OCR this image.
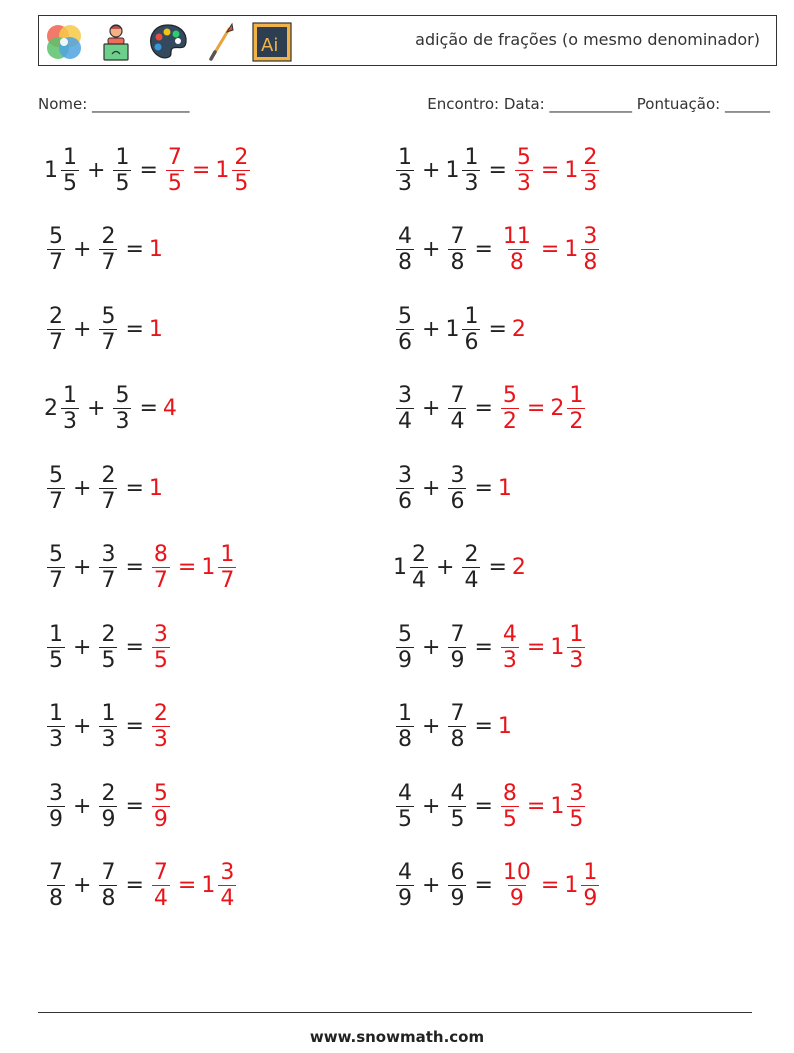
Ai	adição de frações (o mesmo denominador)
Nome: _____________	Encontro: Data: ___________ Pontuação: ______
$1 \frac{1}{5} + \frac{1}{5} = \frac{7}{5} = 1 \frac{2}{5}$
$\frac{5}{7} + \frac{2}{7} = 1$
$\frac{2}{7} + \frac{5}{7} = 1$
$2 \frac{1}{3} + \frac{5}{3} = 4$
$\frac{5}{7} + \frac{2}{7} = 1$
$\frac{5}{7} + \frac{3}{7} = \frac{8}{7} = 1 \frac{1}{7}$
$\frac{1}{5} + \frac{2}{5} = \frac{3}{5}$
$\frac{1}{3} + \frac{1}{3} = \frac{2}{3}$
$\frac{3}{9} + \frac{2}{9} = \frac{5}{9}$
$\frac{7}{8} + \frac{7}{8} = \frac{7}{4} = 1 \frac{3}{4}$
$\frac{1}{3} + 1 \frac{1}{3} = \frac{5}{3} = 1 \frac{2}{3}$
$\frac{4}{8} + \frac{7}{8} = \frac{11}{8} = 1 \frac{3}{8}$
$\frac{5}{6} + 1 \frac{1}{6} = 2$
$\frac{3}{4} + \frac{7}{4} = \frac{5}{2} = 2 \frac{1}{2}$
$\frac{3}{6} + \frac{3}{6} = 1$
$1 \frac{2}{4} + \frac{2}{4} = 2$
$\frac{5}{9} + \frac{7}{9} = \frac{4}{3} = 1 \frac{1}{3}$
$\frac{1}{8} + \frac{7}{8} = 1$
$\frac{4}{5} + \frac{4}{5} = \frac{8}{5} = 1 \frac{3}{5}$
$\frac{4}{9} + \frac{6}{9} = \frac{10}{9} = 1 \frac{1}{9}$
www.snowmath.com
